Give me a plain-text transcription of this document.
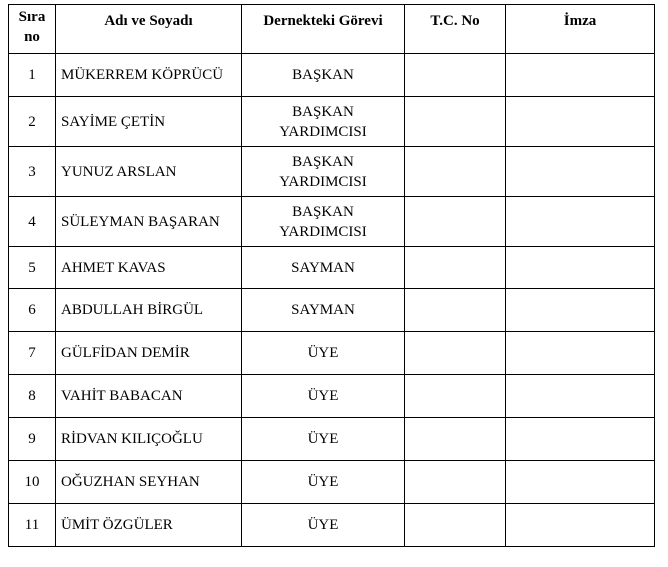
Sıra no	Adı ve Soyadı	Dernekteki Görevi	T.C. No	İmza
1	MÜKERREM KÖPRÜCÜ	BAŞKAN		
2	SAYİME ÇETİN	BAŞKAN YARDIMCISI		
3	YUNUZ ARSLAN	BAŞKAN YARDIMCISI		
4	SÜLEYMAN BAŞARAN	BAŞKAN YARDIMCISI		
5	AHMET KAVAS	SAYMAN		
6	ABDULLAH BİRGÜL	SAYMAN		
7	GÜLFİDAN DEMİR	ÜYE		
8	VAHİT BABACAN	ÜYE		
9	RİDVAN KILIÇOĞLU	ÜYE		
10	OĞUZHAN SEYHAN	ÜYE		
11	ÜMİT ÖZGÜLER	ÜYE		
